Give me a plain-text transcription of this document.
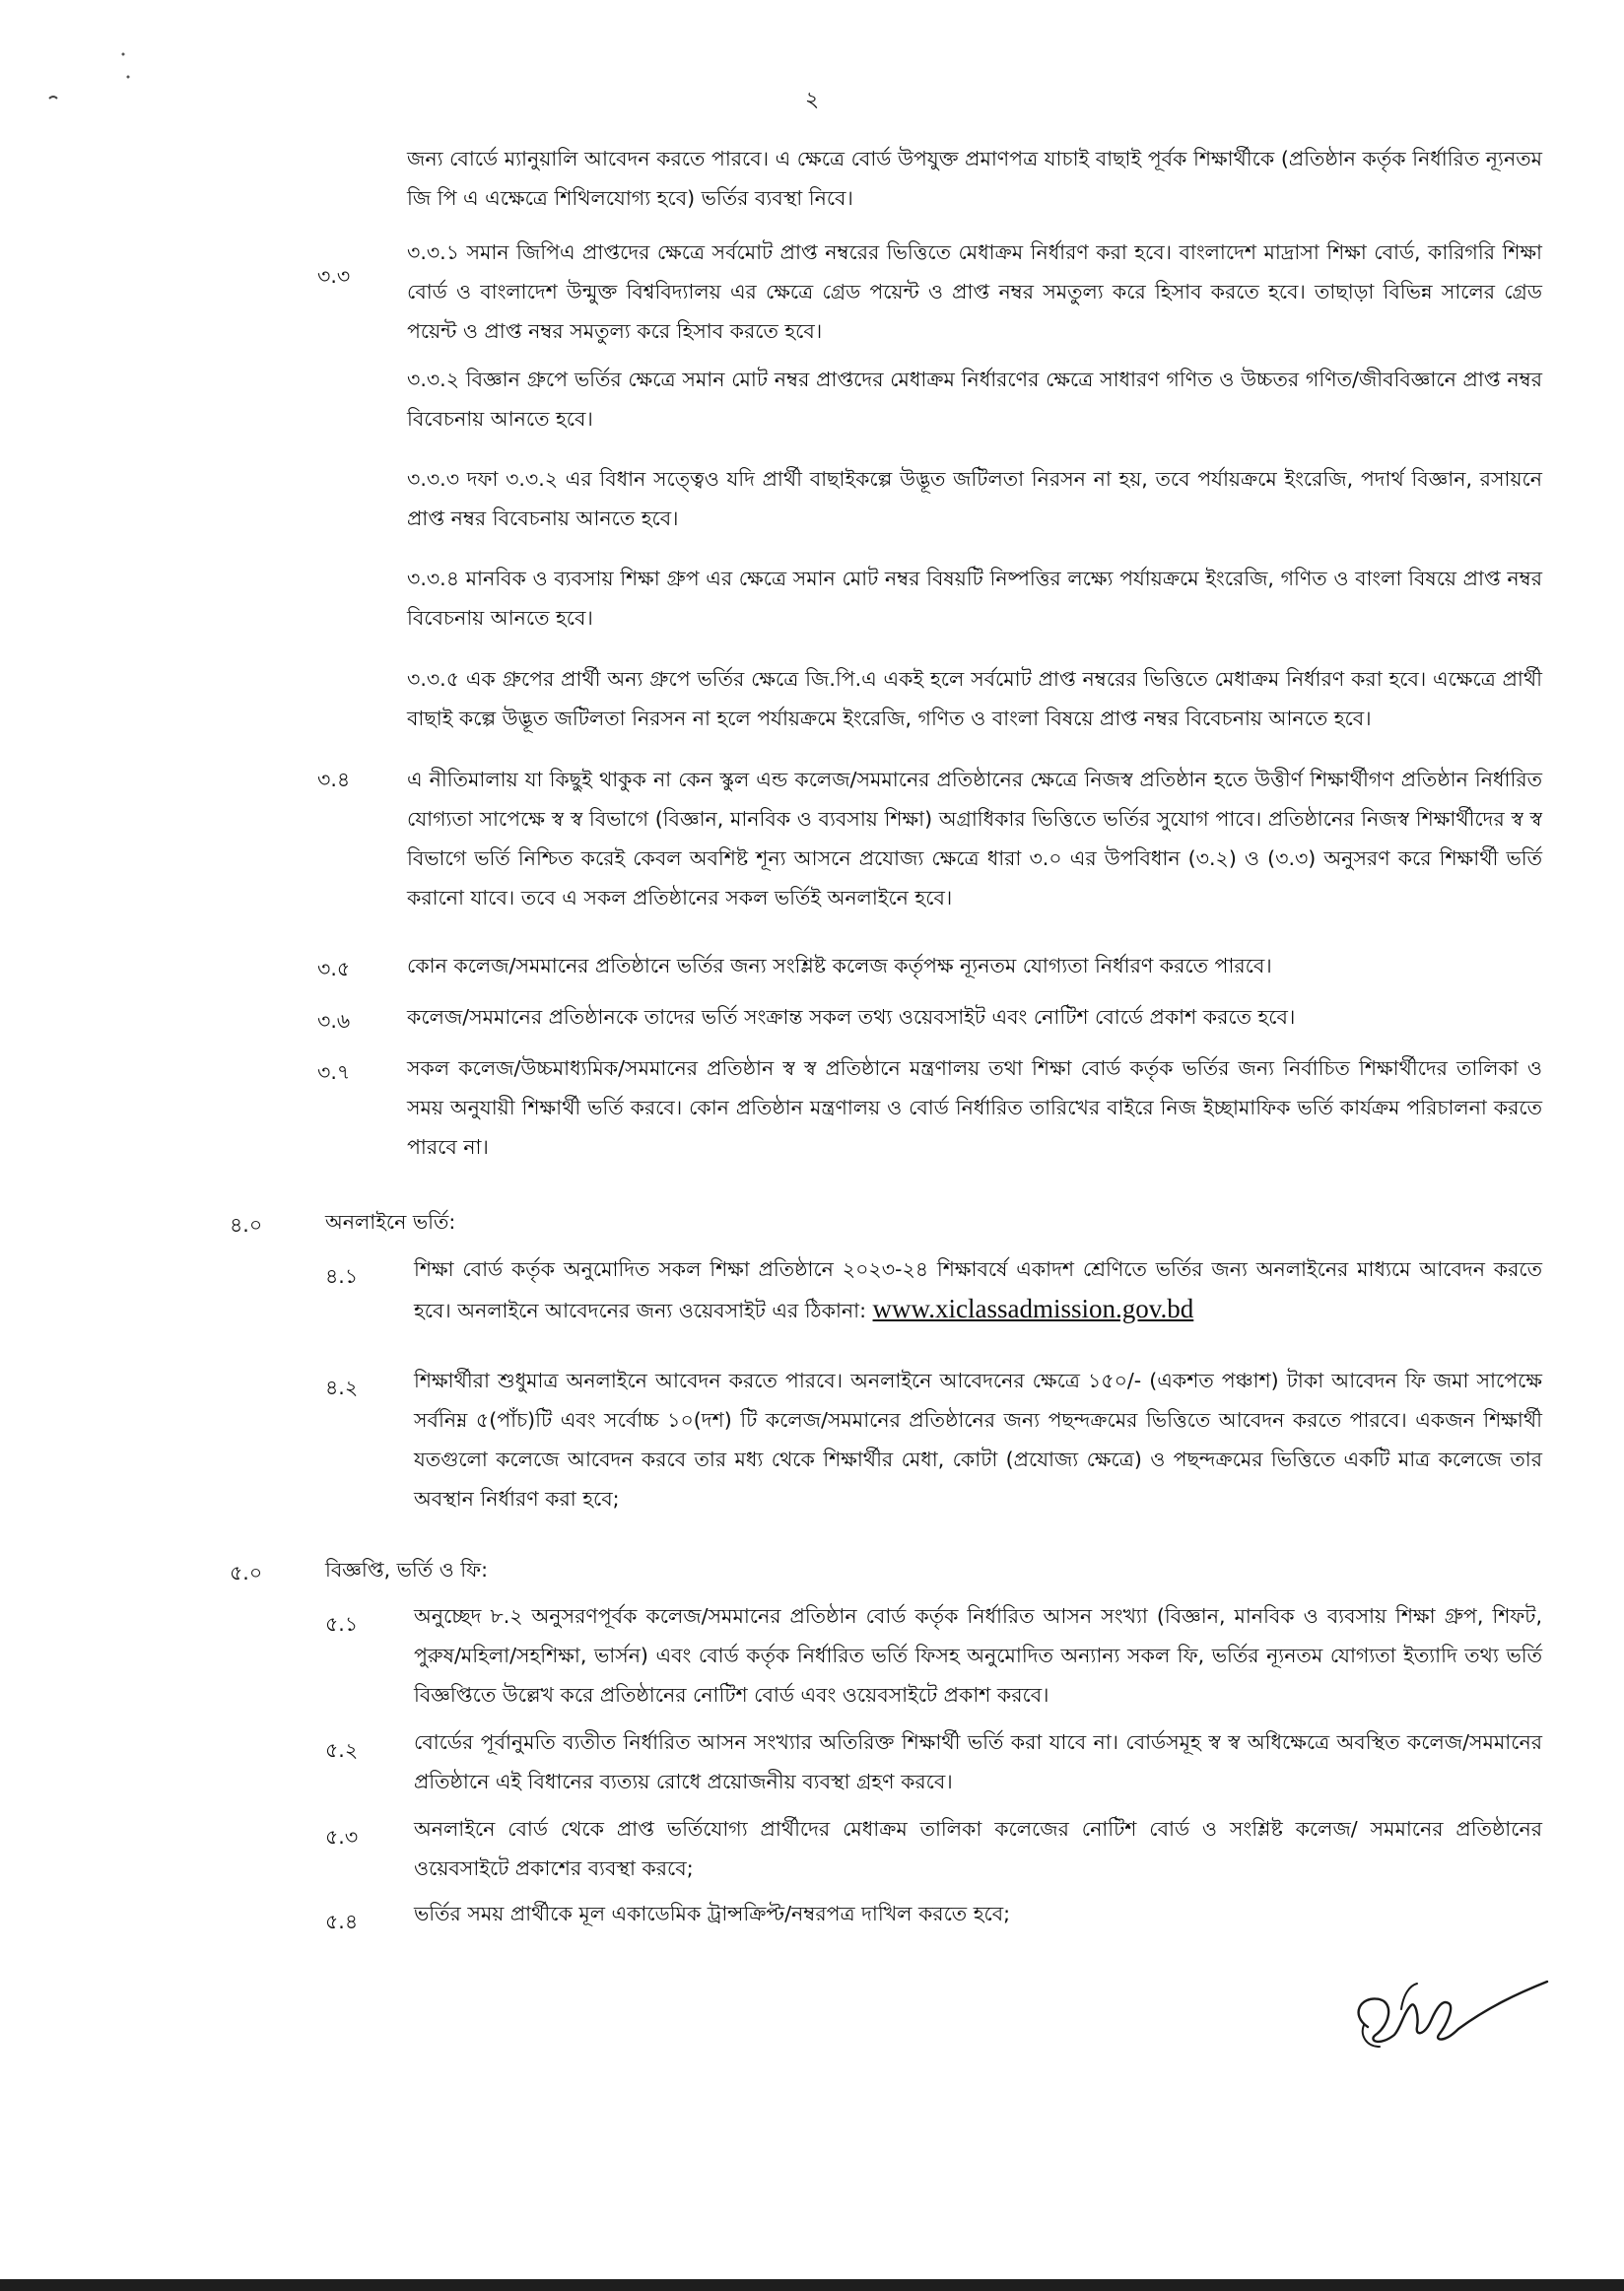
২

জন্য বোর্ডে ম্যানুয়ালি আবেদন করতে পারবে। এ ক্ষেত্রে বোর্ড উপযুক্ত প্রমাণপত্র যাচাই বাছাই পূর্বক শিক্ষার্থীকে (প্রতিষ্ঠান কর্তৃক নির্ধারিত ন্যূনতম জি পি এ এক্ষেত্রে শিথিলযোগ্য হবে) ভর্তির ব্যবস্থা নিবে।

৩.৩

৩.৩.১ সমান জিপিএ প্রাপ্তদের ক্ষেত্রে সর্বমোট প্রাপ্ত নম্বরের ভিত্তিতে মেধাক্রম নির্ধারণ করা হবে। বাংলাদেশ মাদ্রাসা শিক্ষা বোর্ড, কারিগরি শিক্ষা বোর্ড ও বাংলাদেশ উন্মুক্ত বিশ্ববিদ্যালয় এর ক্ষেত্রে গ্রেড পয়েন্ট ও প্রাপ্ত নম্বর সমতুল্য করে হিসাব করতে হবে। তাছাড়া বিভিন্ন সালের গ্রেড পয়েন্ট ও প্রাপ্ত নম্বর সমতুল্য করে হিসাব করতে হবে।

৩.৩.২ বিজ্ঞান গ্রুপে ভর্তির ক্ষেত্রে সমান মোট নম্বর প্রাপ্তদের মেধাক্রম নির্ধারণের ক্ষেত্রে সাধারণ গণিত ও উচ্চতর গণিত/জীববিজ্ঞানে প্রাপ্ত নম্বর বিবেচনায় আনতে হবে।

৩.৩.৩ দফা ৩.৩.২ এর বিধান সত্ত্বেও যদি প্রার্থী বাছাইকল্পে উদ্ভূত জটিলতা নিরসন না হয়, তবে পর্যায়ক্রমে ইংরেজি, পদার্থ বিজ্ঞান, রসায়নে প্রাপ্ত নম্বর বিবেচনায় আনতে হবে।

৩.৩.৪ মানবিক ও ব্যবসায় শিক্ষা গ্রুপ এর ক্ষেত্রে সমান মোট নম্বর বিষয়টি নিষ্পত্তির লক্ষ্যে পর্যায়ক্রমে ইংরেজি, গণিত ও বাংলা বিষয়ে প্রাপ্ত নম্বর বিবেচনায় আনতে হবে।

৩.৩.৫ এক গ্রুপের প্রার্থী অন্য গ্রুপে ভর্তির ক্ষেত্রে জি.পি.এ একই হলে সর্বমোট প্রাপ্ত নম্বরের ভিত্তিতে মেধাক্রম নির্ধারণ করা হবে। এক্ষেত্রে প্রার্থী বাছাই কল্পে উদ্ভূত জটিলতা নিরসন না হলে পর্যায়ক্রমে ইংরেজি, গণিত ও বাংলা বিষয়ে প্রাপ্ত নম্বর বিবেচনায় আনতে হবে।

৩.৪	এ নীতিমালায় যা কিছুই থাকুক না কেন স্কুল এন্ড কলেজ/সমমানের প্রতিষ্ঠানের ক্ষেত্রে নিজস্ব প্রতিষ্ঠান হতে উত্তীর্ণ শিক্ষার্থীগণ প্রতিষ্ঠান নির্ধারিত যোগ্যতা সাপেক্ষে স্ব স্ব বিভাগে (বিজ্ঞান, মানবিক ও ব্যবসায় শিক্ষা) অগ্রাধিকার ভিত্তিতে ভর্তির সুযোগ পাবে। প্রতিষ্ঠানের নিজস্ব শিক্ষার্থীদের স্ব স্ব বিভাগে ভর্তি নিশ্চিত করেই কেবল অবশিষ্ট শূন্য আসনে প্রযোজ্য ক্ষেত্রে ধারা ৩.০ এর উপবিধান (৩.২) ও (৩.৩) অনুসরণ করে শিক্ষার্থী ভর্তি করানো যাবে। তবে এ সকল প্রতিষ্ঠানের সকল ভর্তিই অনলাইনে হবে।

৩.৫	কোন কলেজ/সমমানের প্রতিষ্ঠানে ভর্তির জন্য সংশ্লিষ্ট কলেজ কর্তৃপক্ষ ন্যূনতম যোগ্যতা নির্ধারণ করতে পারবে।

৩.৬	কলেজ/সমমানের প্রতিষ্ঠানকে তাদের ভর্তি সংক্রান্ত সকল তথ্য ওয়েবসাইট এবং নোটিশ বোর্ডে প্রকাশ করতে হবে।

৩.৭	সকল কলেজ/উচ্চমাধ্যমিক/সমমানের প্রতিষ্ঠান স্ব স্ব প্রতিষ্ঠানে মন্ত্রণালয় তথা শিক্ষা বোর্ড কর্তৃক ভর্তির জন্য নির্বাচিত শিক্ষার্থীদের তালিকা ও সময় অনুযায়ী শিক্ষার্থী ভর্তি করবে। কোন প্রতিষ্ঠান মন্ত্রণালয় ও বোর্ড নির্ধারিত তারিখের বাইরে নিজ ইচ্ছামাফিক ভর্তি কার্যক্রম পরিচালনা করতে পারবে না।

৪.০	অনলাইনে ভর্তি:
৪.১	শিক্ষা বোর্ড কর্তৃক অনুমোদিত সকল শিক্ষা প্রতিষ্ঠানে ২০২৩-২৪ শিক্ষাবর্ষে একাদশ শ্রেণিতে ভর্তির জন্য অনলাইনের মাধ্যমে আবেদন করতে হবে। অনলাইনে আবেদনের জন্য ওয়েবসাইট এর ঠিকানা: www.xiclassadmission.gov.bd

৪.২	শিক্ষার্থীরা শুধুমাত্র অনলাইনে আবেদন করতে পারবে। অনলাইনে আবেদনের ক্ষেত্রে ১৫০/- (একশত পঞ্চাশ) টাকা আবেদন ফি জমা সাপেক্ষে সর্বনিম্ন ৫(পাঁচ)টি এবং সর্বোচ্চ ১০(দশ) টি কলেজ/সমমানের প্রতিষ্ঠানের জন্য পছন্দক্রমের ভিত্তিতে আবেদন করতে পারবে। একজন শিক্ষার্থী যতগুলো কলেজে আবেদন করবে তার মধ্য থেকে শিক্ষার্থীর মেধা, কোটা (প্রযোজ্য ক্ষেত্রে) ও পছন্দক্রমের ভিত্তিতে একটি মাত্র কলেজে তার অবস্থান নির্ধারণ করা হবে;

৫.০	বিজ্ঞপ্তি, ভর্তি ও ফি:
৫.১	অনুচ্ছেদ ৮.২ অনুসরণপূর্বক কলেজ/সমমানের প্রতিষ্ঠান বোর্ড কর্তৃক নির্ধারিত আসন সংখ্যা (বিজ্ঞান, মানবিক ও ব্যবসায় শিক্ষা গ্রুপ, শিফট, পুরুষ/মহিলা/সহশিক্ষা, ভার্সন) এবং বোর্ড কর্তৃক নির্ধারিত ভর্তি ফিসহ অনুমোদিত অন্যান্য সকল ফি, ভর্তির ন্যূনতম যোগ্যতা ইত্যাদি তথ্য ভর্তি বিজ্ঞপ্তিতে উল্লেখ করে প্রতিষ্ঠানের নোটিশ বোর্ড এবং ওয়েবসাইটে প্রকাশ করবে।

৫.২	বোর্ডের পূর্বানুমতি ব্যতীত নির্ধারিত আসন সংখ্যার অতিরিক্ত শিক্ষার্থী ভর্তি করা যাবে না। বোর্ডসমূহ স্ব স্ব অধিক্ষেত্রে অবস্থিত কলেজ/সমমানের প্রতিষ্ঠানে এই বিধানের ব্যত্যয় রোধে প্রয়োজনীয় ব্যবস্থা গ্রহণ করবে।

৫.৩	অনলাইনে বোর্ড থেকে প্রাপ্ত ভর্তিযোগ্য প্রার্থীদের মেধাক্রম তালিকা কলেজের নোটিশ বোর্ড ও সংশ্লিষ্ট কলেজ/ সমমানের প্রতিষ্ঠানের ওয়েবসাইটে প্রকাশের ব্যবস্থা করবে;

৫.৪	ভর্তির সময় প্রার্থীকে মূল একাডেমিক ট্রান্সক্রিপ্ট/নম্বরপত্র দাখিল করতে হবে;
